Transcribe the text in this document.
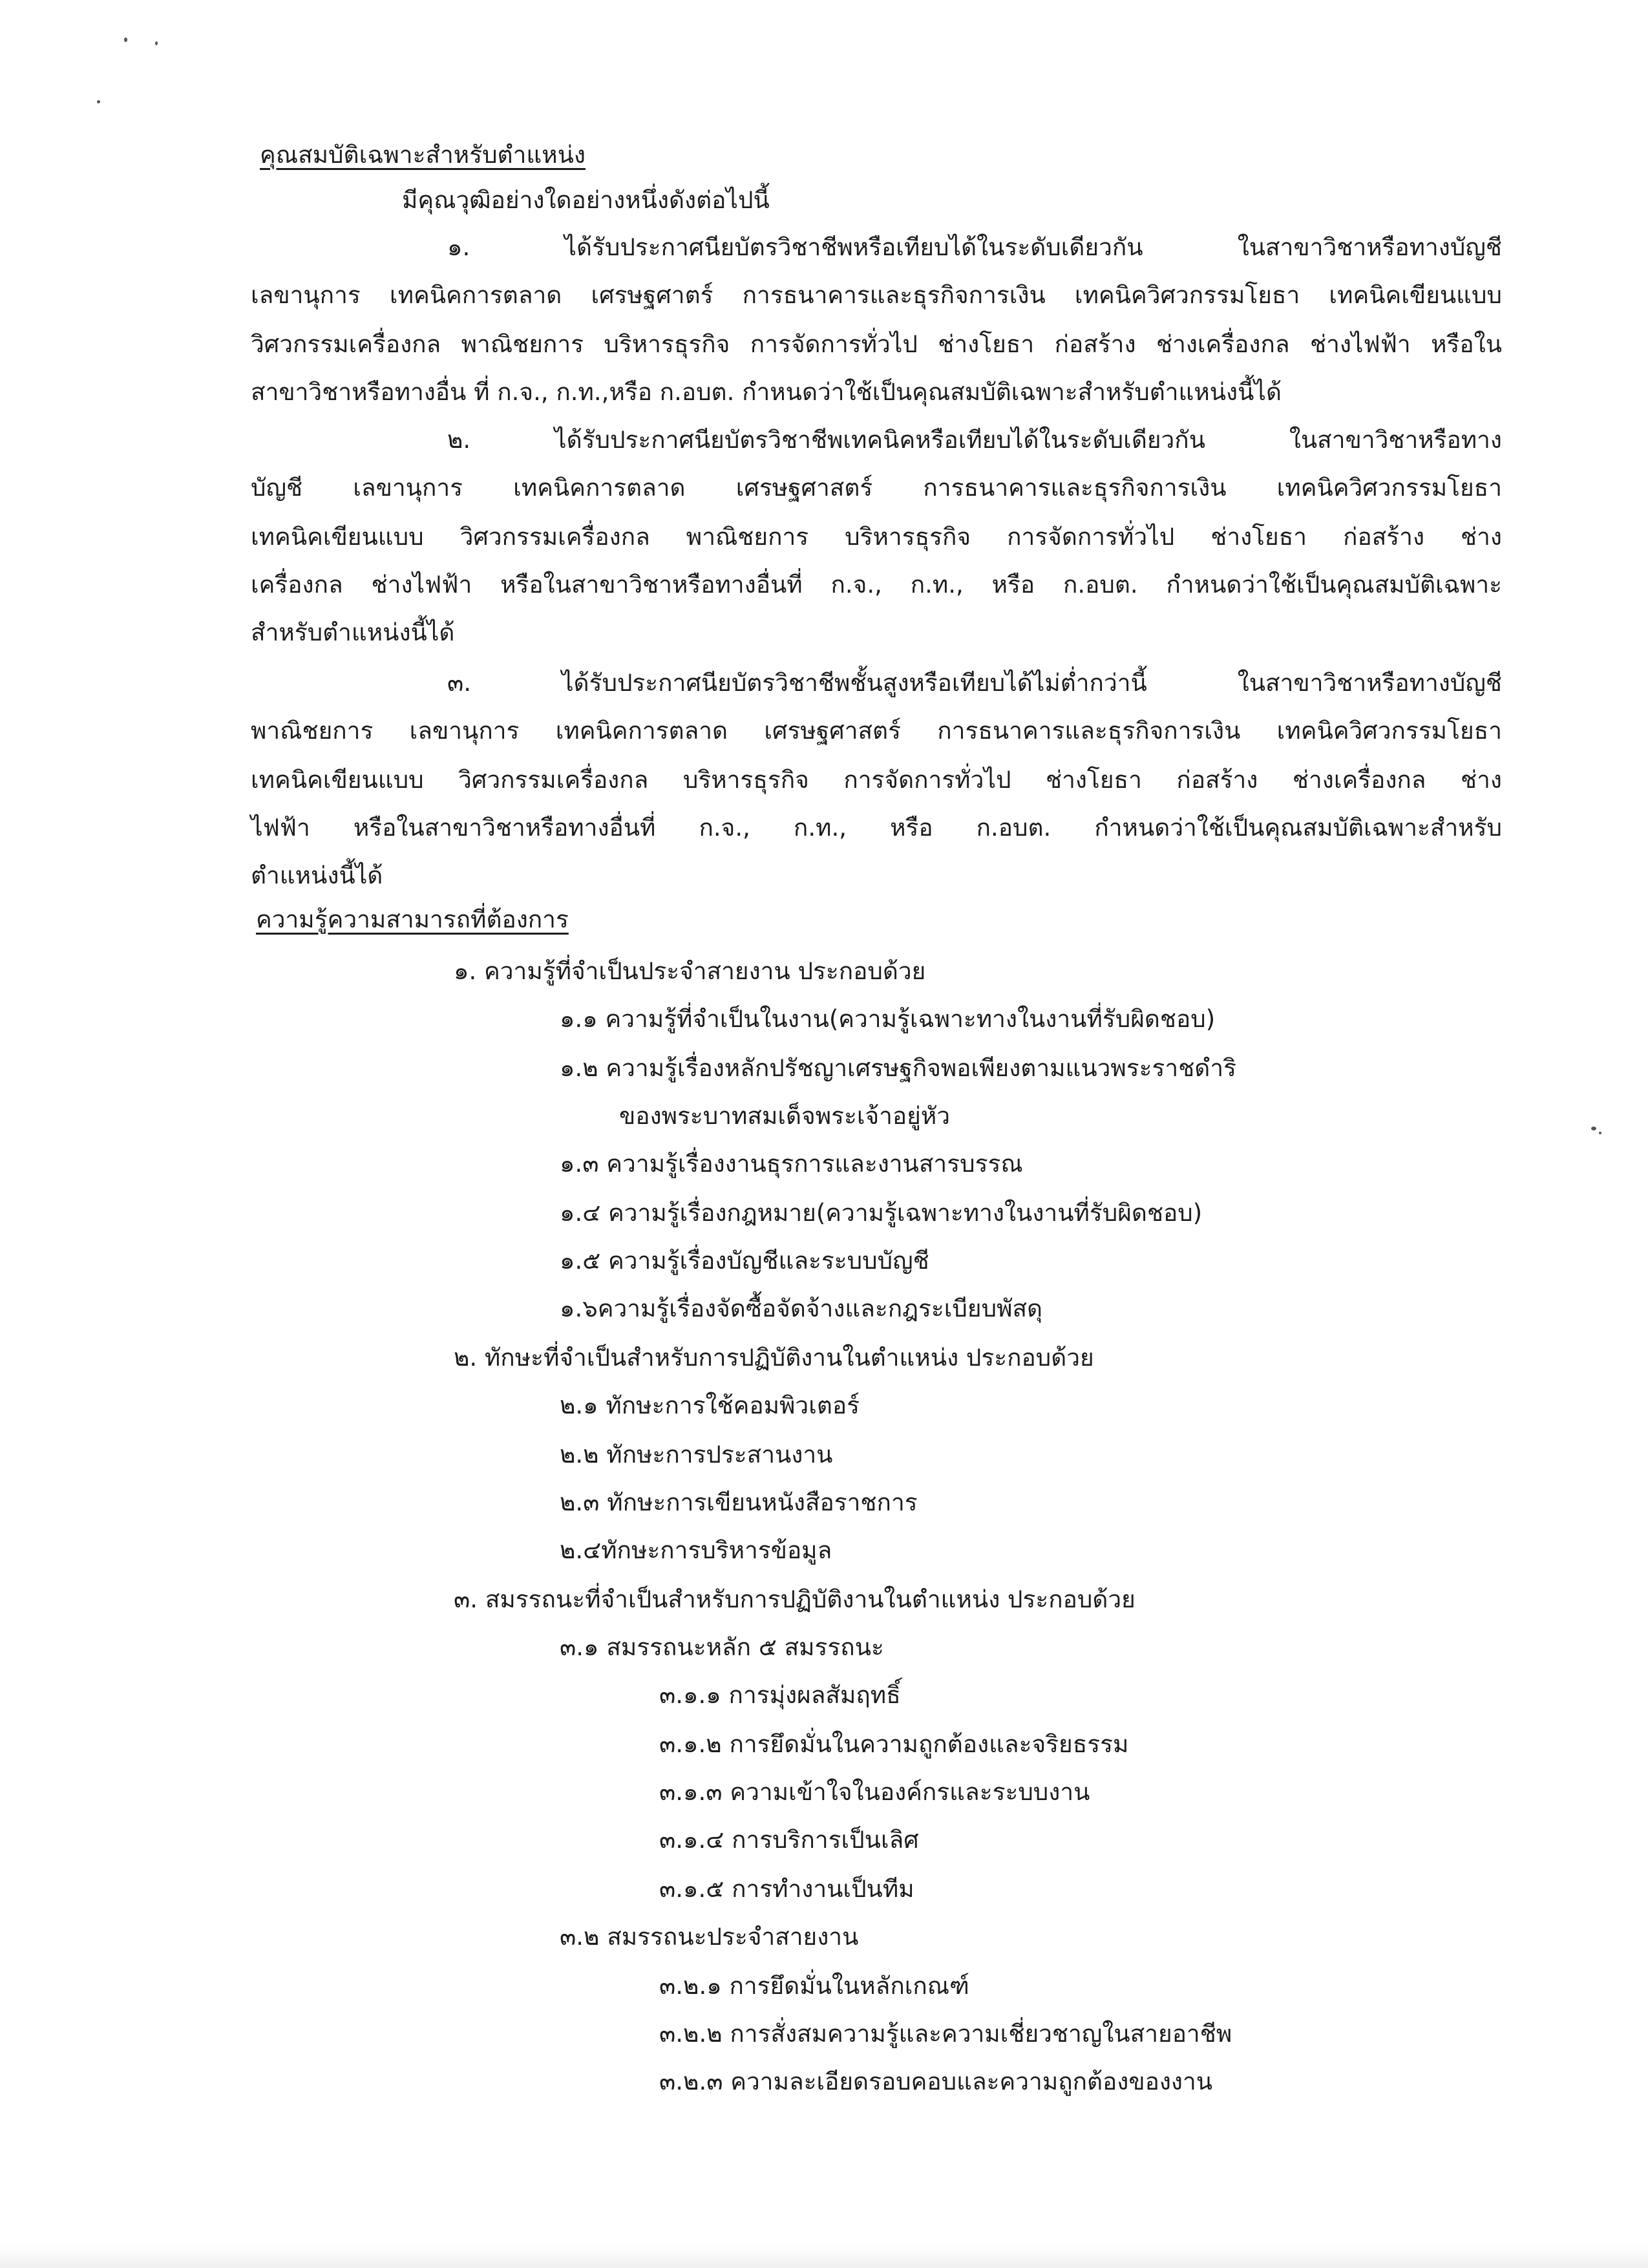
คุณสมบัติเฉพาะสำหรับตำแหน่ง

มีคุณวุฒิอย่างใดอย่างหนึ่งดังต่อไปนี้

๑. ได้รับประกาศนียบัตรวิชาชีพหรือเทียบได้ในระดับเดียวกัน ในสาขาวิชาหรือทางบัญชี

เลขานุการ เทคนิคการตลาด เศรษฐศาตร์ การธนาคารและธุรกิจการเงิน เทคนิควิศวกรรมโยธา เทคนิคเขียนแบบ

วิศวกรรมเครื่องกล พาณิชยการ บริหารธุรกิจ การจัดการทั่วไป ช่างโยธา ก่อสร้าง ช่างเครื่องกล ช่างไฟฟ้า หรือใน

สาขาวิชาหรือทางอื่น ที่ ก.จ., ก.ท.,หรือ ก.อบต. กำหนดว่าใช้เป็นคุณสมบัติเฉพาะสำหรับตำแหน่งนี้ได้

๒. ได้รับประกาศนียบัตรวิชาชีพเทคนิคหรือเทียบได้ในระดับเดียวกัน ในสาขาวิชาหรือทาง

บัญชี เลขานุการ เทคนิคการตลาด เศรษฐศาสตร์ การธนาคารและธุรกิจการเงิน เทคนิควิศวกรรมโยธา

เทคนิคเขียนแบบ วิศวกรรมเครื่องกล พาณิชยการ บริหารธุรกิจ การจัดการทั่วไป ช่างโยธา ก่อสร้าง ช่าง

เครื่องกล ช่างไฟฟ้า หรือในสาขาวิชาหรือทางอื่นที่ ก.จ., ก.ท., หรือ ก.อบต. กำหนดว่าใช้เป็นคุณสมบัติเฉพาะ

สำหรับตำแหน่งนี้ได้

๓. ได้รับประกาศนียบัตรวิชาชีพชั้นสูงหรือเทียบได้ไม่ต่ำกว่านี้ ในสาขาวิชาหรือทางบัญชี

พาณิชยการ เลขานุการ เทคนิคการตลาด เศรษฐศาสตร์ การธนาคารและธุรกิจการเงิน เทคนิควิศวกรรมโยธา

เทคนิคเขียนแบบ วิศวกรรมเครื่องกล บริหารธุรกิจ การจัดการทั่วไป ช่างโยธา ก่อสร้าง ช่างเครื่องกล ช่าง

ไฟฟ้า หรือในสาขาวิชาหรือทางอื่นที่ ก.จ., ก.ท., หรือ ก.อบต. กำหนดว่าใช้เป็นคุณสมบัติเฉพาะสำหรับ

ตำแหน่งนี้ได้

ความรู้ความสามารถที่ต้องการ

๑. ความรู้ที่จำเป็นประจำสายงาน ประกอบด้วย

๑.๑ ความรู้ที่จำเป็นในงาน(ความรู้เฉพาะทางในงานที่รับผิดชอบ)

๑.๒ ความรู้เรื่องหลักปรัชญาเศรษฐกิจพอเพียงตามแนวพระราชดำริ

ของพระบาทสมเด็จพระเจ้าอยู่หัว

๑.๓ ความรู้เรื่องงานธุรการและงานสารบรรณ

๑.๔ ความรู้เรื่องกฎหมาย(ความรู้เฉพาะทางในงานที่รับผิดชอบ)

๑.๕ ความรู้เรื่องบัญชีและระบบบัญชี

๑.๖ความรู้เรื่องจัดซื้อจัดจ้างและกฎระเบียบพัสดุ

๒. ทักษะที่จำเป็นสำหรับการปฏิบัติงานในตำแหน่ง ประกอบด้วย

๒.๑ ทักษะการใช้คอมพิวเตอร์

๒.๒ ทักษะการประสานงาน

๒.๓ ทักษะการเขียนหนังสือราชการ

๒.๔ทักษะการบริหารข้อมูล

๓. สมรรถนะที่จำเป็นสำหรับการปฏิบัติงานในตำแหน่ง ประกอบด้วย

๓.๑ สมรรถนะหลัก ๕ สมรรถนะ

๓.๑.๑ การมุ่งผลสัมฤทธิ์

๓.๑.๒ การยึดมั่นในความถูกต้องและจริยธรรม

๓.๑.๓ ความเข้าใจในองค์กรและระบบงาน

๓.๑.๔ การบริการเป็นเลิศ

๓.๑.๕ การทำงานเป็นทีม

๓.๒ สมรรถนะประจำสายงาน

๓.๒.๑ การยึดมั่นในหลักเกณฑ์

๓.๒.๒ การสั่งสมความรู้และความเชี่ยวชาญในสายอาชีพ

๓.๒.๓ ความละเอียดรอบคอบและความถูกต้องของงาน
